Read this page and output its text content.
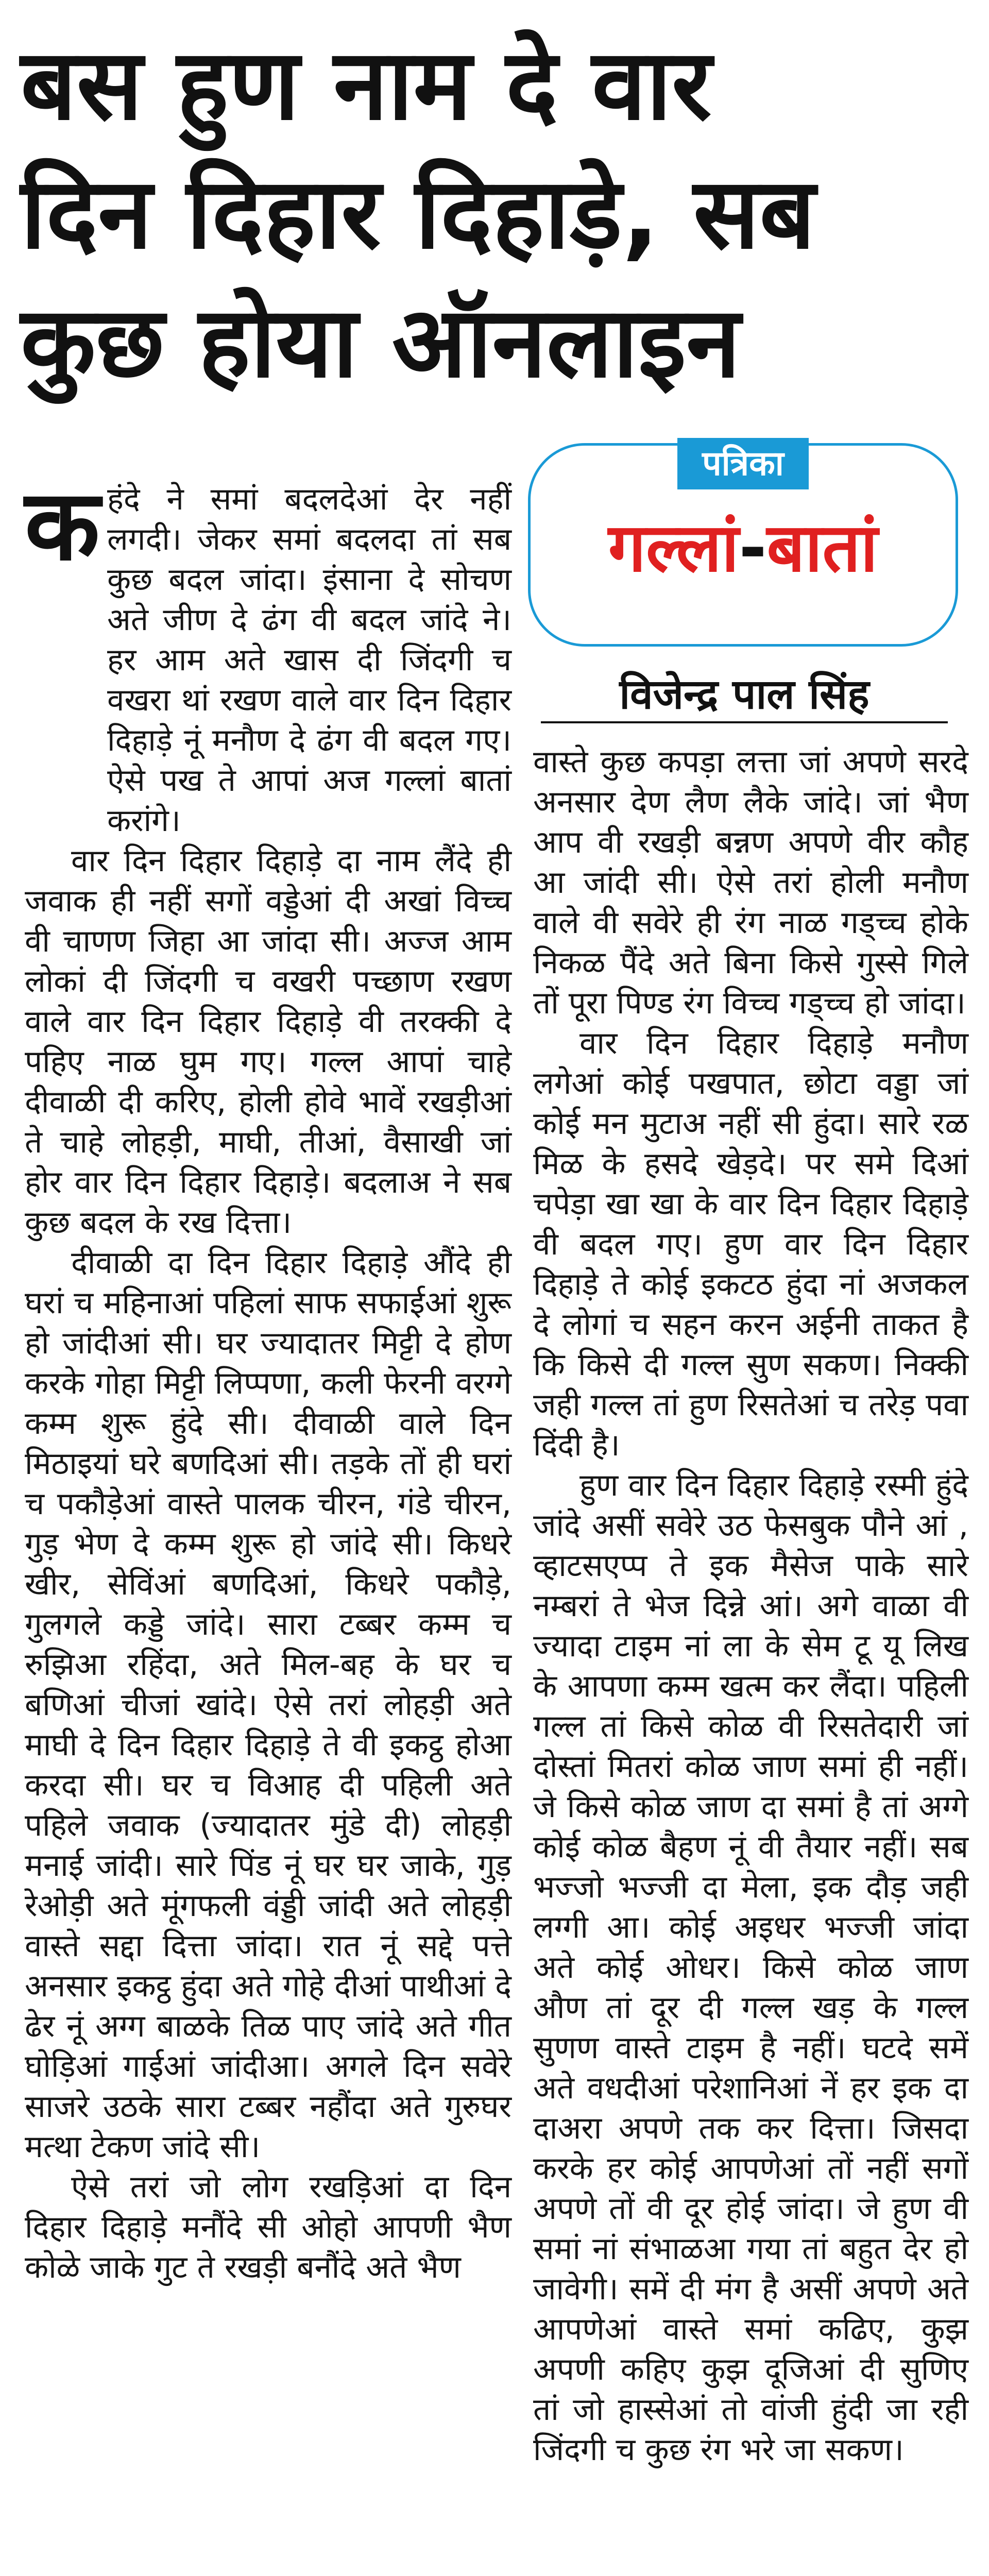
बस हुण नाम दे वार
दिन दिहार दिहाड़े, सब
कुछ होया ऑनलाइन
पत्रिका
गल्लां-बातां
विजेन्द्र पाल सिंह
क हंदे ने समां बदलदेआं देर नहीं लगदी। जेकर समां बदलदा तां सब कुछ बदल जांदा। इंसाना दे सोचण अते जीण दे ढंग वी बदल जांदे ने। हर आम अते खास दी जिंदगी च वखरा थां रखण वाले वार दिन दिहार दिहाड़े नूं मनौण दे ढंग वी बदल गए। ऐसे पख ते आपां अज गल्लां बातां करांगे।

वार दिन दिहार दिहाड़े दा नाम लैंदे ही जवाक ही नहीं सगों वड्डेआं दी अखां विच्च वी चाणण जिहा आ जांदा सी। अज्ज आम लोकां दी जिंदगी च वखरी पच्छाण रखण वाले वार दिन दिहार दिहाड़े वी तरक्की दे पहिए नाळ घुम गए। गल्ल आपां चाहे दीवाळी दी करिए, होली होवे भावें रखड़ीआं ते चाहे लोहड़ी, माघी, तीआं, वैसाखी जां होर वार दिन दिहार दिहाड़े। बदलाअ ने सब कुछ बदल के रख दित्ता।

दीवाळी दा दिन दिहार दिहाड़े औंदे ही घरां च महिनाआं पहिलां साफ सफाईआं शुरू हो जांदीआं सी। घर ज्यादातर मिट्टी दे होण करके गोहा मिट्टी लिप्पणा, कली फेरनी वरग्गे कम्म शुरू हुंदे सी। दीवाळी वाले दिन मिठाइयां घरे बणदिआं सी। तड़के तों ही घरां च पकौड़ेआं वास्ते पालक चीरन, गंडे चीरन, गुड़ भेण दे कम्म शुरू हो जांदे सी। किधरे खीर, सेविंआं बणदिआं, किधरे पकौड़े, गुलगले कड्डे जांदे। सारा टब्बर कम्म च रुझिआ रहिंदा, अते मिल-बह के घर च बणिआं चीजां खांदे। ऐसे तरां लोहड़ी अते माघी दे दिन दिहार दिहाड़े ते वी इकट्ठ होआ करदा सी। घर च विआह दी पहिली अते पहिले जवाक (ज्यादातर मुंडे दी) लोहड़ी मनाई जांदी। सारे पिंड नूं घर घर जाके, गुड़ रेओड़ी अते मूंगफली वंड्डी जांदी अते लोहड़ी वास्ते सद्दा दित्ता जांदा। रात नूं सद्दे पत्ते अनसार इकट्ठ हुंदा अते गोहे दीआं पाथीआं दे ढेर नूं अग्ग बाळके तिळ पाए जांदे अते गीत घोड़िआं गाईआं जांदीआ। अगले दिन सवेरे साजरे उठके सारा टब्बर नहौंदा अते गुरुघर मत्था टेकण जांदे सी।

ऐसे तरां जो लोग रखड़िआं दा दिन दिहार दिहाड़े मनौंदे सी ओहो आपणी भैण कोळे जाके गुट ते रखड़ी बनौंदे अते भैण

वास्ते कुछ कपड़ा लत्ता जां अपणे सरदे अनसार देण लैण लैके जांदे। जां भैण आप वी रखड़ी बन्नण अपणे वीर कौह आ जांदी सी। ऐसे तरां होली मनौण वाले वी सवेरे ही रंग नाळ गड्च्च होके निकळ पैंदे अते बिना किसे गुस्से गिले तों पूरा पिण्ड रंग विच्च गड्च्च हो जांदा।

वार दिन दिहार दिहाड़े मनौण लगेआं कोई पखपात, छोटा वड्डा जां कोई मन मुटाअ नहीं सी हुंदा। सारे रळ मिळ के हसदे खेड़दे। पर समे दिआं चपेड़ा खा खा के वार दिन दिहार दिहाड़े वी बदल गए। हुण वार दिन दिहार दिहाड़े ते कोई इकटठ हुंदा नां अजकल दे लोगां च सहन करन अईनी ताकत है कि किसे दी गल्ल सुण सकण। निक्की जही गल्ल तां हुण रिसतेआं च तरेड़ पवा दिंदी है।

हुण वार दिन दिहार दिहाड़े रस्मी हुंदे जांदे असीं सवेरे उठ फेसबुक पौने आं , व्हाटसएप्प ते इक मैसेज पाके सारे नम्बरां ते भेज दिन्ने आं। अगे वाळा वी ज्यादा टाइम नां ला के सेम टू यू लिख के आपणा कम्म खत्म कर लैंदा। पहिली गल्ल तां किसे कोळ वी रिसतेदारी जां दोस्तां मितरां कोळ जाण समां ही नहीं। जे किसे कोळ जाण दा समां है तां अग्गे कोई कोळ बैहण नूं वी तैयार नहीं। सब भज्जो भज्जी दा मेला, इक दौड़ जही लग्गी आ। कोई अइधर भज्जी जांदा अते कोई ओधर। किसे कोळ जाण औण तां दूर दी गल्ल खड़ के गल्ल सुणण वास्ते टाइम है नहीं। घटदे समें अते वधदीआं परेशानिआं नें हर इक दा दाअरा अपणे तक कर दित्ता। जिसदा करके हर कोई आपणेआं तों नहीं सगों अपणे तों वी दूर होई जांदा। जे हुण वी समां नां संभाळआ गया तां बहुत देर हो जावेगी। समें दी मंग है असीं अपणे अते आपणेआं वास्ते समां कढिए, कुझ अपणी कहिए कुझ दूजिआं दी सुणिए तां जो हास्सेआं तो वांजी हुंदी जा रही जिंदगी च कुछ रंग भरे जा सकण।
